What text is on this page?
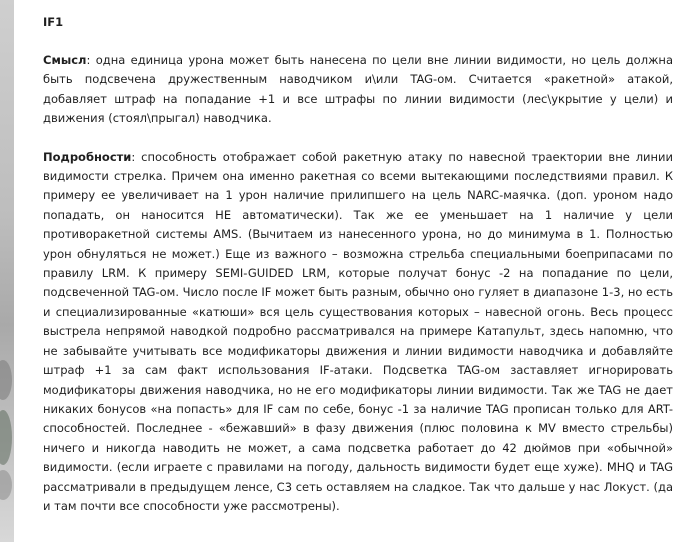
IF1

Смысл: одна единица урона может быть нанесена по цели вне линии видимости, но цель должна быть подсвечена дружественным наводчиком и\или TAG-ом. Считается «ракетной» атакой, добавляет штраф на попадание +1 и все штрафы по линии видимости (лес\укрытие у цели) и движения (стоял\прыгал) наводчика.

Подробности: способность отображает собой ракетную атаку по навесной траектории вне линии видимости стрелка. Причем она именно ракетная со всеми вытекающими последствиями правил. К примеру ее увеличивает на 1 урон наличие прилипшего на цель NARC-маячка. (доп. уроном надо попадать, он наносится НЕ автоматически). Так же ее уменьшает на 1 наличие у цели противоракетной системы AMS. (Вычитаем из нанесенного урона, но до минимума в 1. Полностью урон обнуляться не может.) Еще из важного – возможна стрельба специальными боеприпасами по правилу LRM. К примеру SEMI-GUIDED LRM, которые получат бонус -2 на попадание по цели, подсвеченной TAG-ом. Число после IF может быть разным, обычно оно гуляет в диапазоне 1-3, но есть и специализированные «катюши» вся цель существования которых – навесной огонь. Весь процесс выстрела непрямой наводкой подробно рассматривался на примере Катапульт, здесь напомню, что не забывайте учитывать все модификаторы движения и линии видимости наводчика и добавляйте штраф +1 за сам факт использования IF-атаки. Подсветка TAG-ом заставляет игнорировать модификаторы движения наводчика, но не его модификаторы линии видимости. Так же TAG не дает никаких бонусов «на попасть» для IF сам по себе, бонус -1 за наличие TAG прописан только для ART-способностей. Последнее - «бежавший» в фазу движения (плюс половина к MV вместо стрельбы) ничего и никогда наводить не может, а сама подсветка работает до 42 дюймов при «обычной» видимости. (если играете с правилами на погоду, дальность видимости будет еще хуже). MHQ и TAG рассматривали в предыдущем ленсе, C3 сеть оставляем на сладкое. Так что дальше у нас Локуст. (да и там почти все способности уже рассмотрены).
